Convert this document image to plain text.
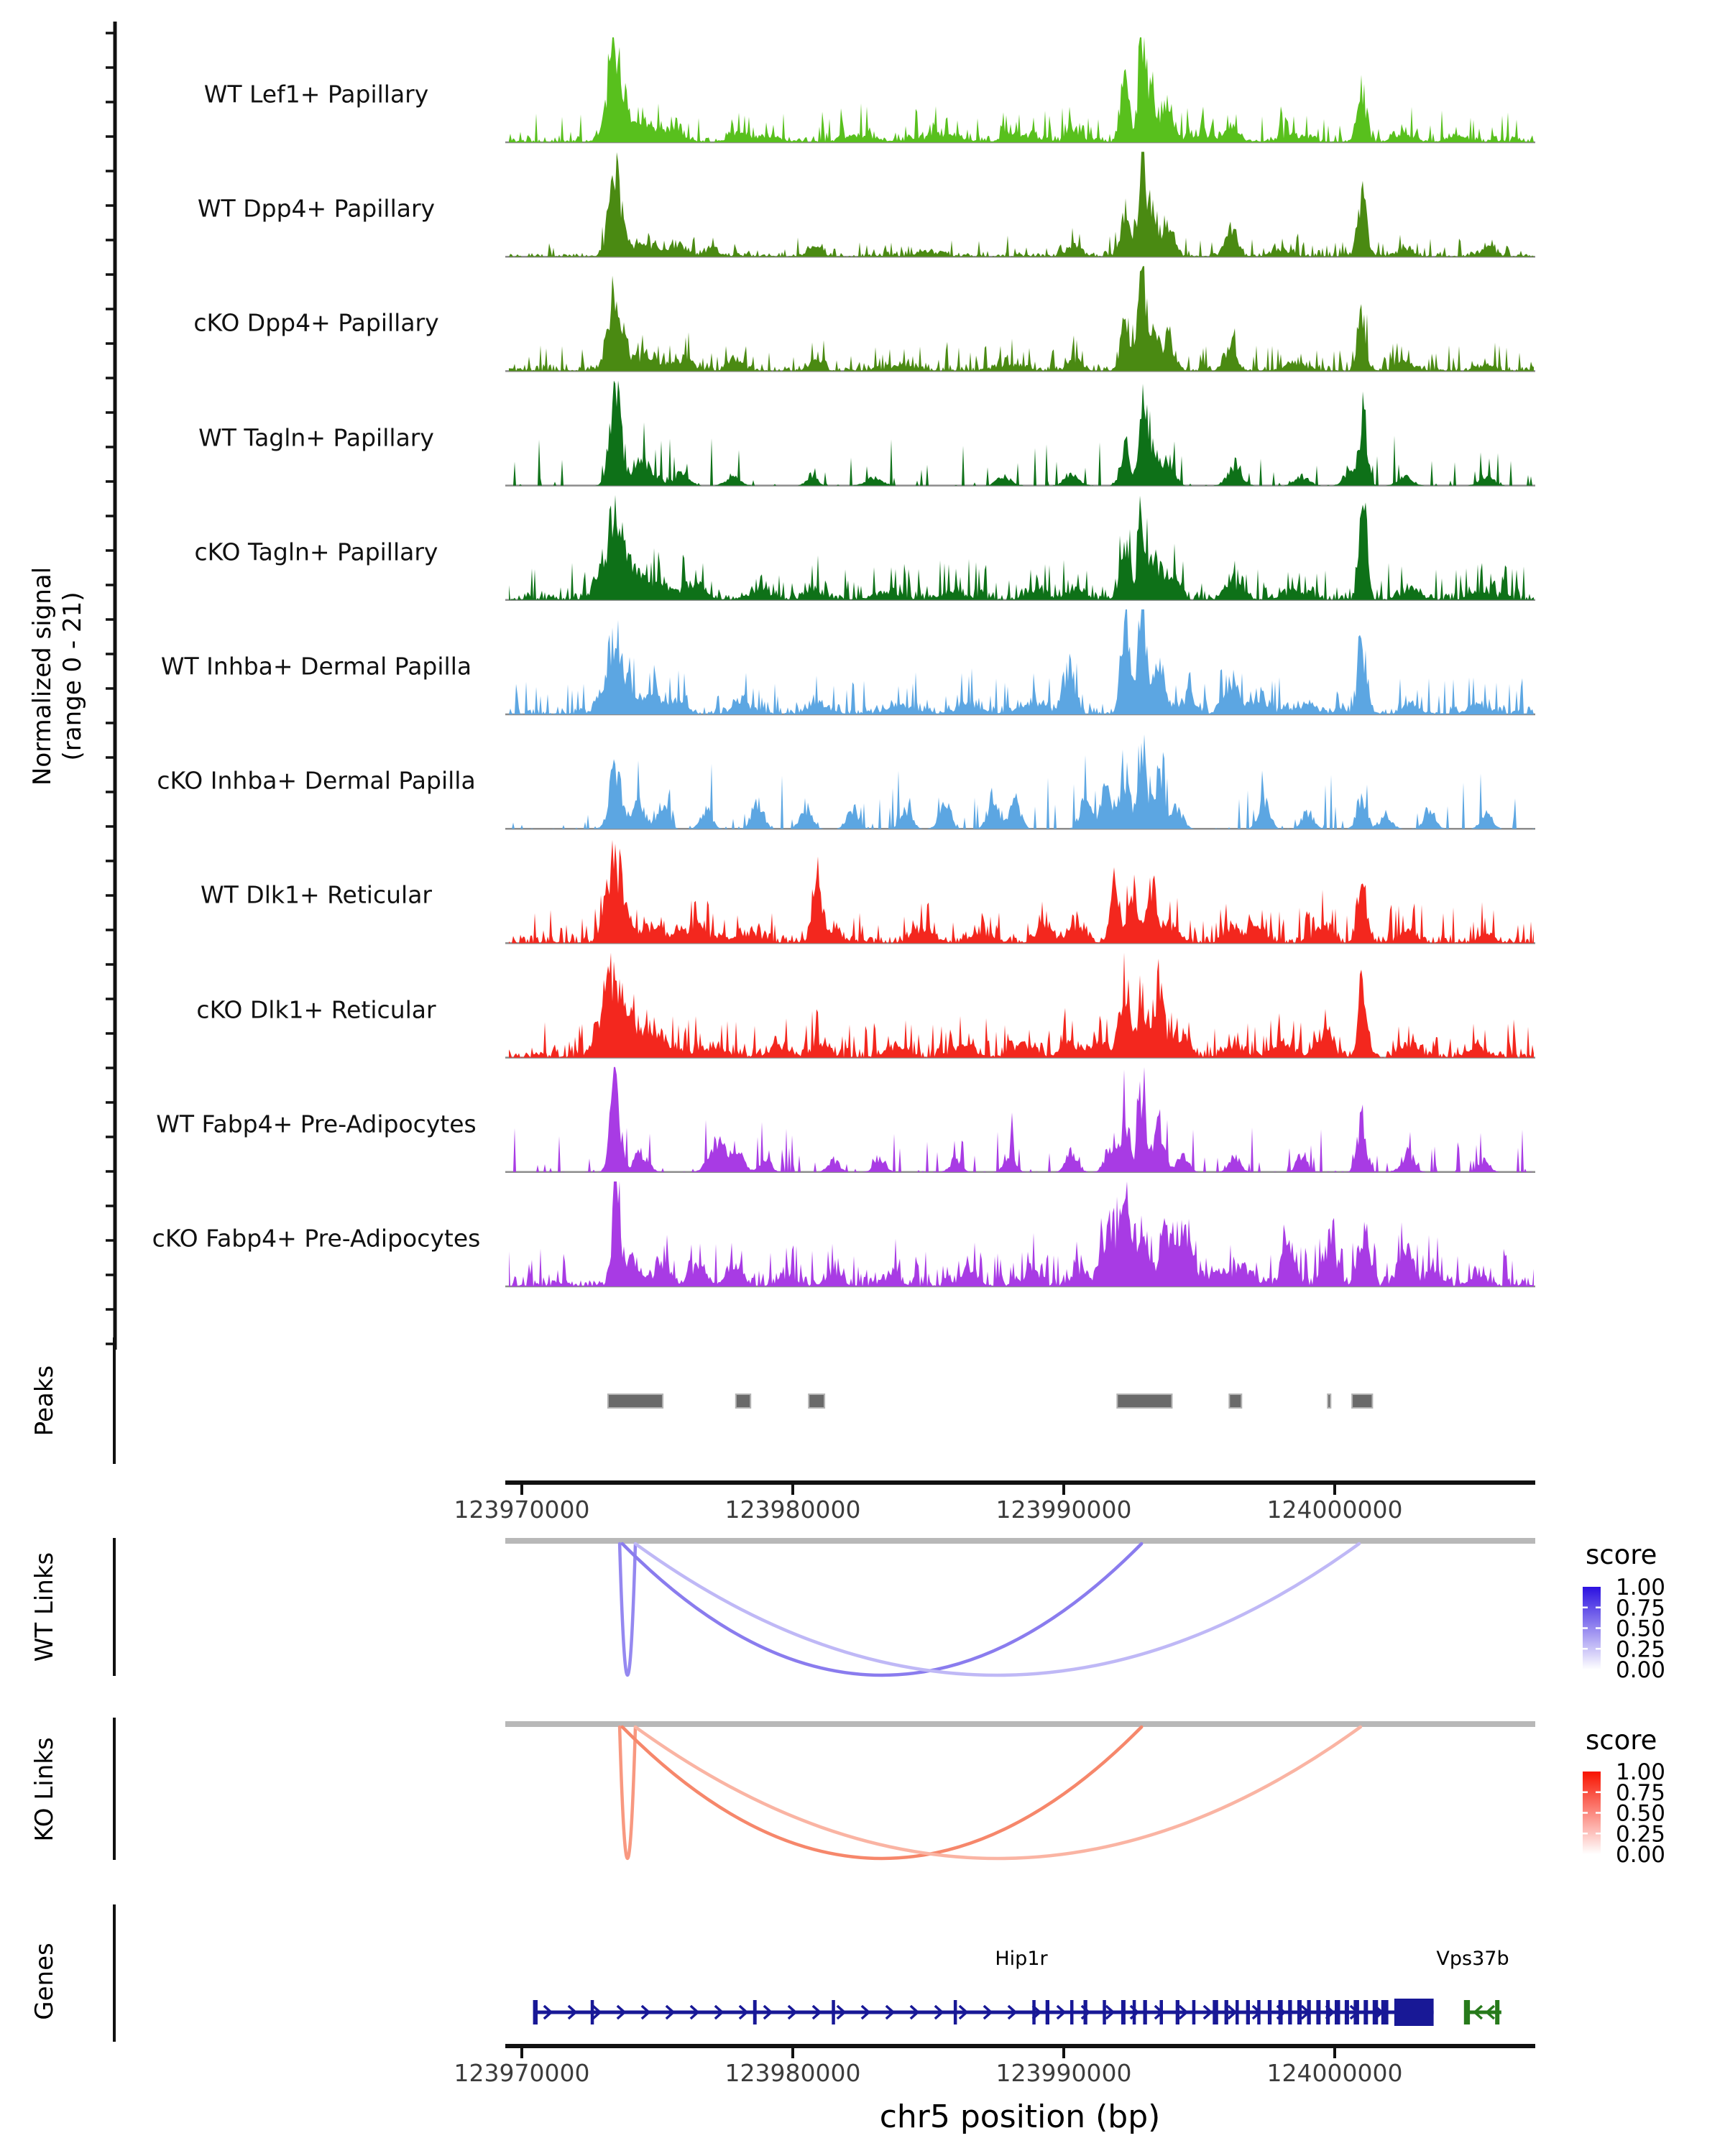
123970000	123980000	123990000	124000000
123970000	123980000	123990000	124000000
1.00
0.75
0.50
0.25
0.00
1.00
0.75
0.50
0.25
0.00
Normalized signal (range 0 - 21)
Peaks
WT Links
KO Links
Genes
score
score
Hip1r	Vps37b
chr5 position (bp)
WT Lef1+ Papillary
WT Dpp4+ Papillary
cKO Dpp4+ Papillary
WT Tagln+ Papillary
cKO Tagln+ Papillary
WT Inhba+ Dermal Papilla
cKO Inhba+ Dermal Papilla
WT Dlk1+ Reticular
cKO Dlk1+ Reticular
WT Fabp4+ Pre-Adipocytes
cKO Fabp4+ Pre-Adipocytes
